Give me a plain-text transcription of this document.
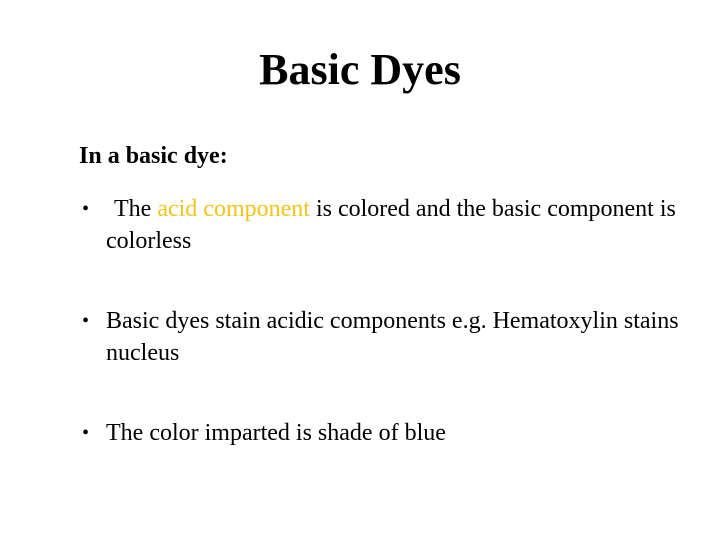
Basic Dyes

In a basic dye:

• The acid component is colored and the basic component is colorless
• Basic dyes stain acidic components e.g. Hematoxylin stains nucleus
• The color imparted is shade of blue
